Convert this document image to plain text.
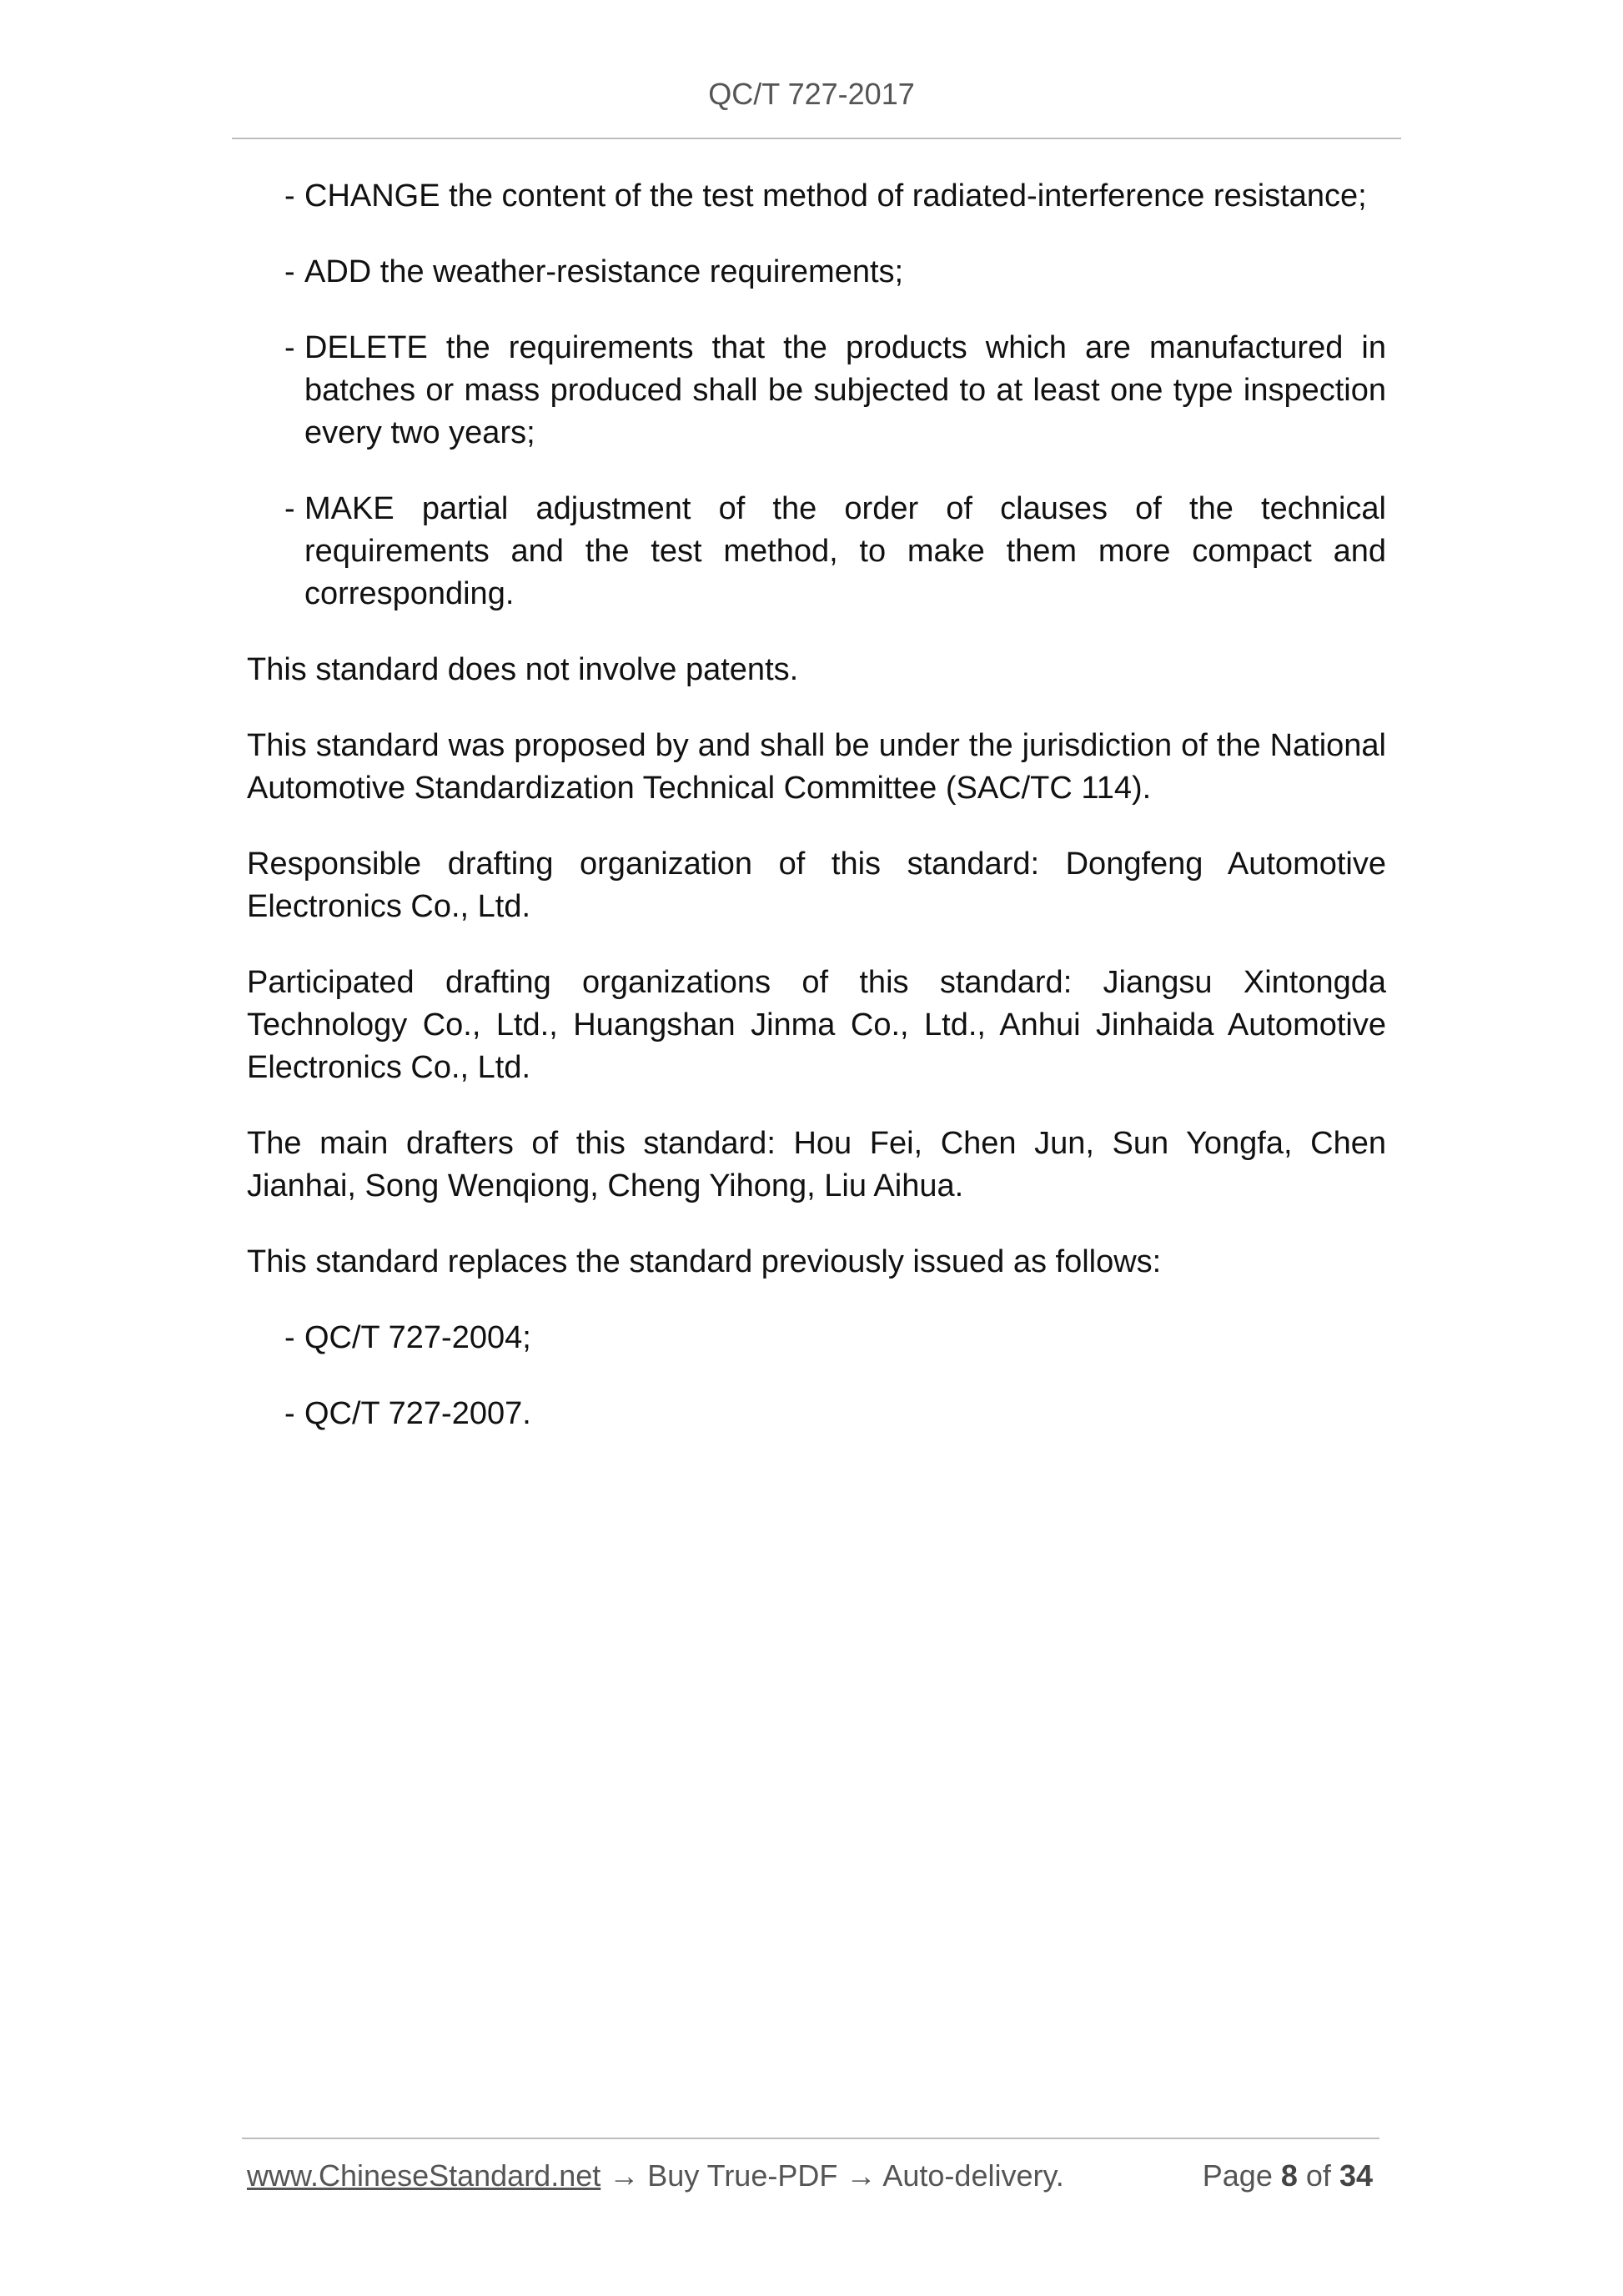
QC/T 727-2017
- CHANGE the content of the test method of radiated-interference resistance;
- ADD the weather-resistance requirements;
- DELETE the requirements that the products which are manufactured in batches or mass produced shall be subjected to at least one type inspection every two years;
- MAKE partial adjustment of the order of clauses of the technical requirements and the test method, to make them more compact and corresponding.

This standard does not involve patents.

This standard was proposed by and shall be under the jurisdiction of the National Automotive Standardization Technical Committee (SAC/TC 114).

Responsible drafting organization of this standard: Dongfeng Automotive Electronics Co., Ltd.

Participated drafting organizations of this standard: Jiangsu Xintongda Technology Co., Ltd., Huangshan Jinma Co., Ltd., Anhui Jinhaida Automotive Electronics Co., Ltd.

The main drafters of this standard: Hou Fei, Chen Jun, Sun Yongfa, Chen Jianhai, Song Wenqiong, Cheng Yihong, Liu Aihua.

This standard replaces the standard previously issued as follows:

- QC/T 727-2004;
- QC/T 727-2007.
www.ChineseStandard.net → Buy True-PDF → Auto-delivery.	Page 8 of 34
